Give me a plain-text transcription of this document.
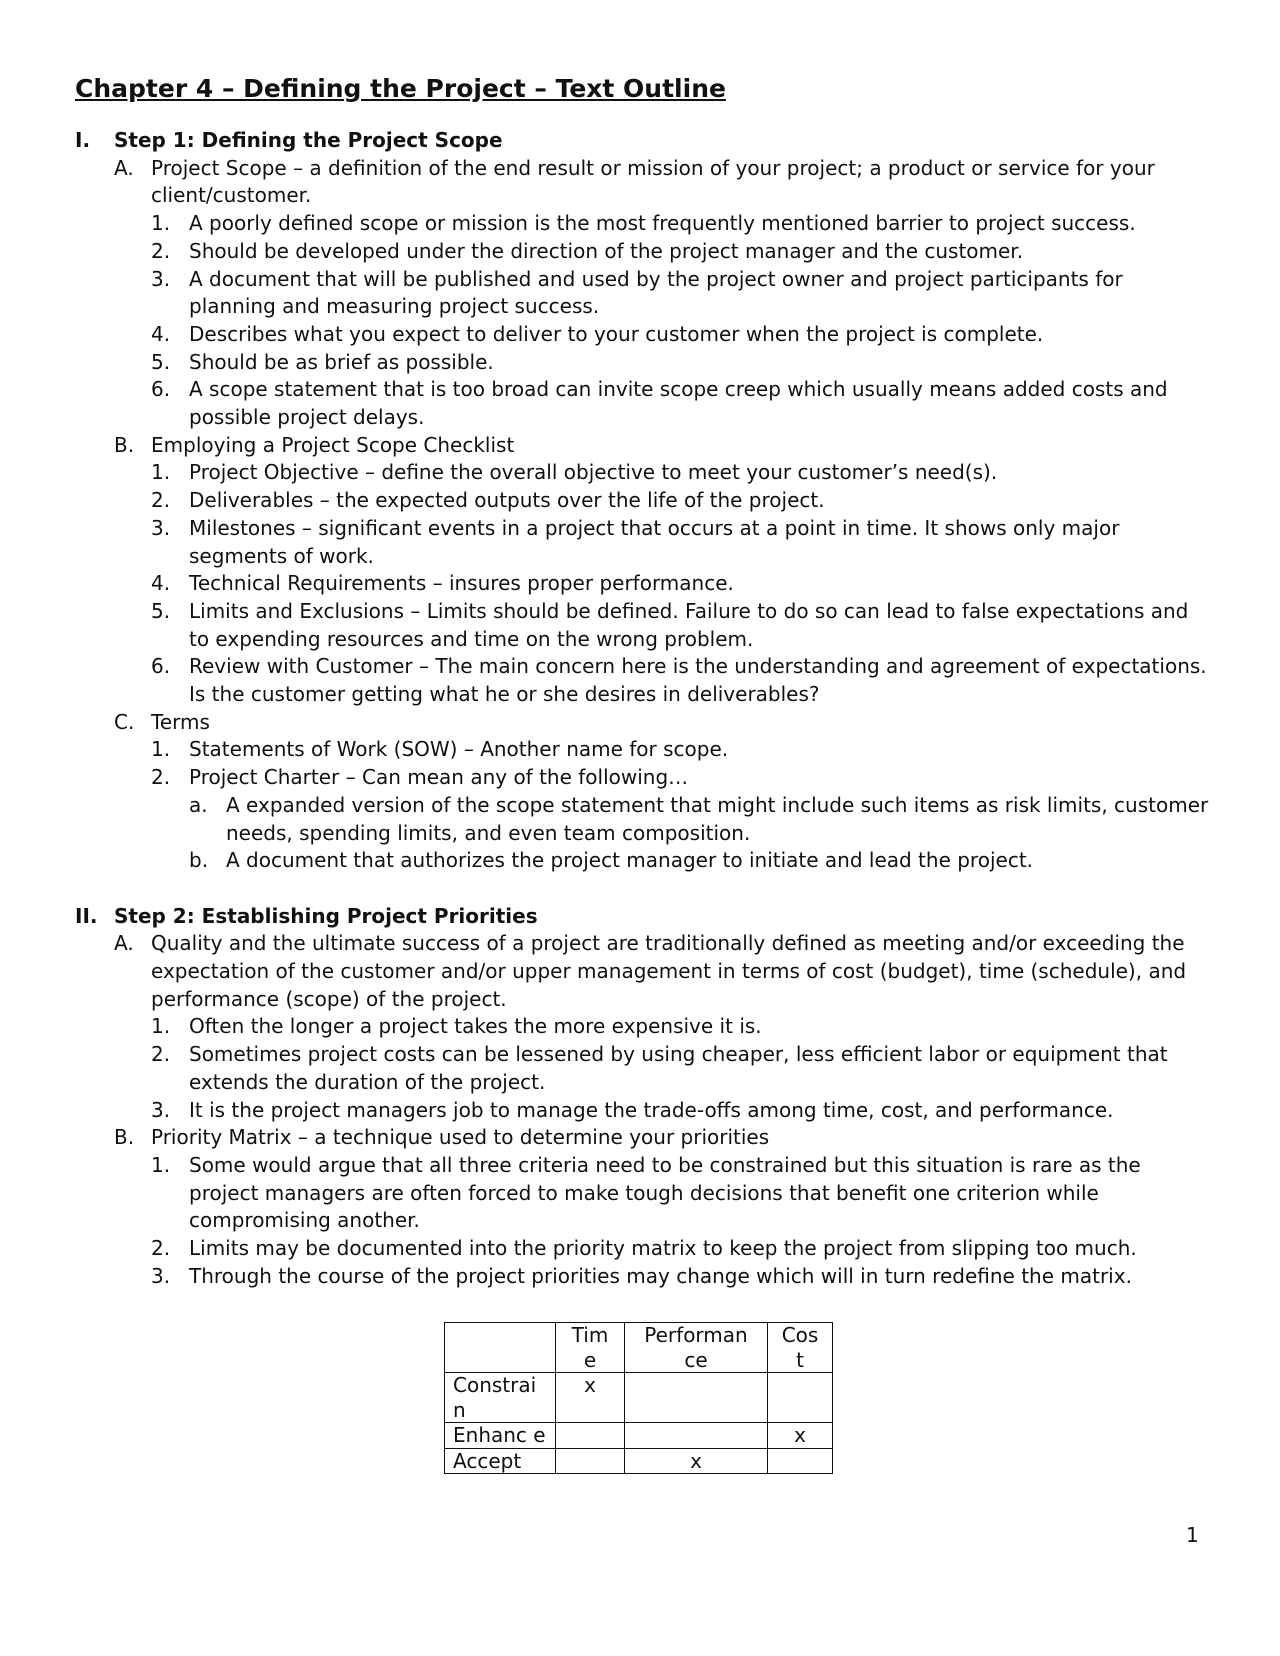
Chapter 4 – Defining the Project – Text Outline
I. Step 1: Defining the Project Scope
A. Project Scope – a definition of the end result or mission of your project; a product or service for your client/customer.
1. A poorly defined scope or mission is the most frequently mentioned barrier to project success.
2. Should be developed under the direction of the project manager and the customer.
3. A document that will be published and used by the project owner and project participants for planning and measuring project success.
4. Describes what you expect to deliver to your customer when the project is complete.
5. Should be as brief as possible.
6. A scope statement that is too broad can invite scope creep which usually means added costs and possible project delays.
B. Employing a Project Scope Checklist
1. Project Objective – define the overall objective to meet your customer’s need(s).
2. Deliverables – the expected outputs over the life of the project.
3. Milestones – significant events in a project that occurs at a point in time. It shows only major segments of work.
4. Technical Requirements – insures proper performance.
5. Limits and Exclusions – Limits should be defined. Failure to do so can lead to false expectations and to expending resources and time on the wrong problem.
6. Review with Customer – The main concern here is the understanding and agreement of expectations. Is the customer getting what he or she desires in deliverables?
C. Terms
1. Statements of Work (SOW) – Another name for scope.
2. Project Charter – Can mean any of the following…
a. A expanded version of the scope statement that might include such items as risk limits, customer needs, spending limits, and even team composition.
b. A document that authorizes the project manager to initiate and lead the project.
II. Step 2: Establishing Project Priorities
A. Quality and the ultimate success of a project are traditionally defined as meeting and/or exceeding the expectation of the customer and/or upper management in terms of cost (budget), time (schedule), and performance (scope) of the project.
1. Often the longer a project takes the more expensive it is.
2. Sometimes project costs can be lessened by using cheaper, less efficient labor or equipment that extends the duration of the project.
3. It is the project managers job to manage the trade-offs among time, cost, and performance.
B. Priority Matrix – a technique used to determine your priorities
1. Some would argue that all three criteria need to be constrained but this situation is rare as the project managers are often forced to make tough decisions that benefit one criterion while compromising another.
2. Limits may be documented into the priority matrix to keep the project from slipping too much.
3. Through the course of the project priorities may change which will in turn redefine the matrix.
	Tim e	Performan ce	Cos t
Constrai n	x		
Enhanc e			x
Accept		x	
1
